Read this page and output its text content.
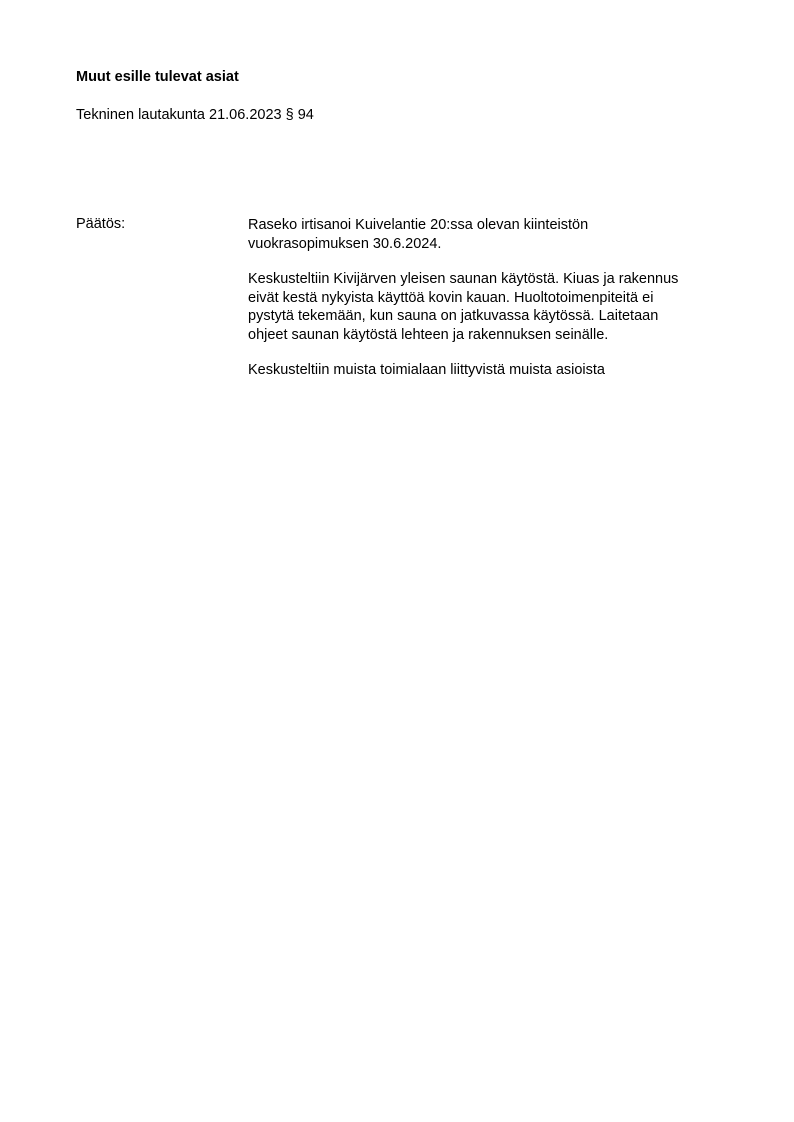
Muut esille tulevat asiat
Tekninen lautakunta 21.06.2023 § 94
Päätös:	Raseko irtisanoi Kuivelantie 20:ssa olevan kiinteistön
vuokrasopimuksen 30.6.2024.

Keskusteltiin Kivijärven yleisen saunan käytöstä. Kiuas ja rakennus
eivät kestä nykyista käyttöä kovin kauan. Huoltotoimenpiteitä ei
pystytä tekemään, kun sauna on jatkuvassa käytössä. Laitetaan
ohjeet saunan käytöstä lehteen ja rakennuksen seinälle.

Keskusteltiin muista toimialaan liittyvistä muista asioista
